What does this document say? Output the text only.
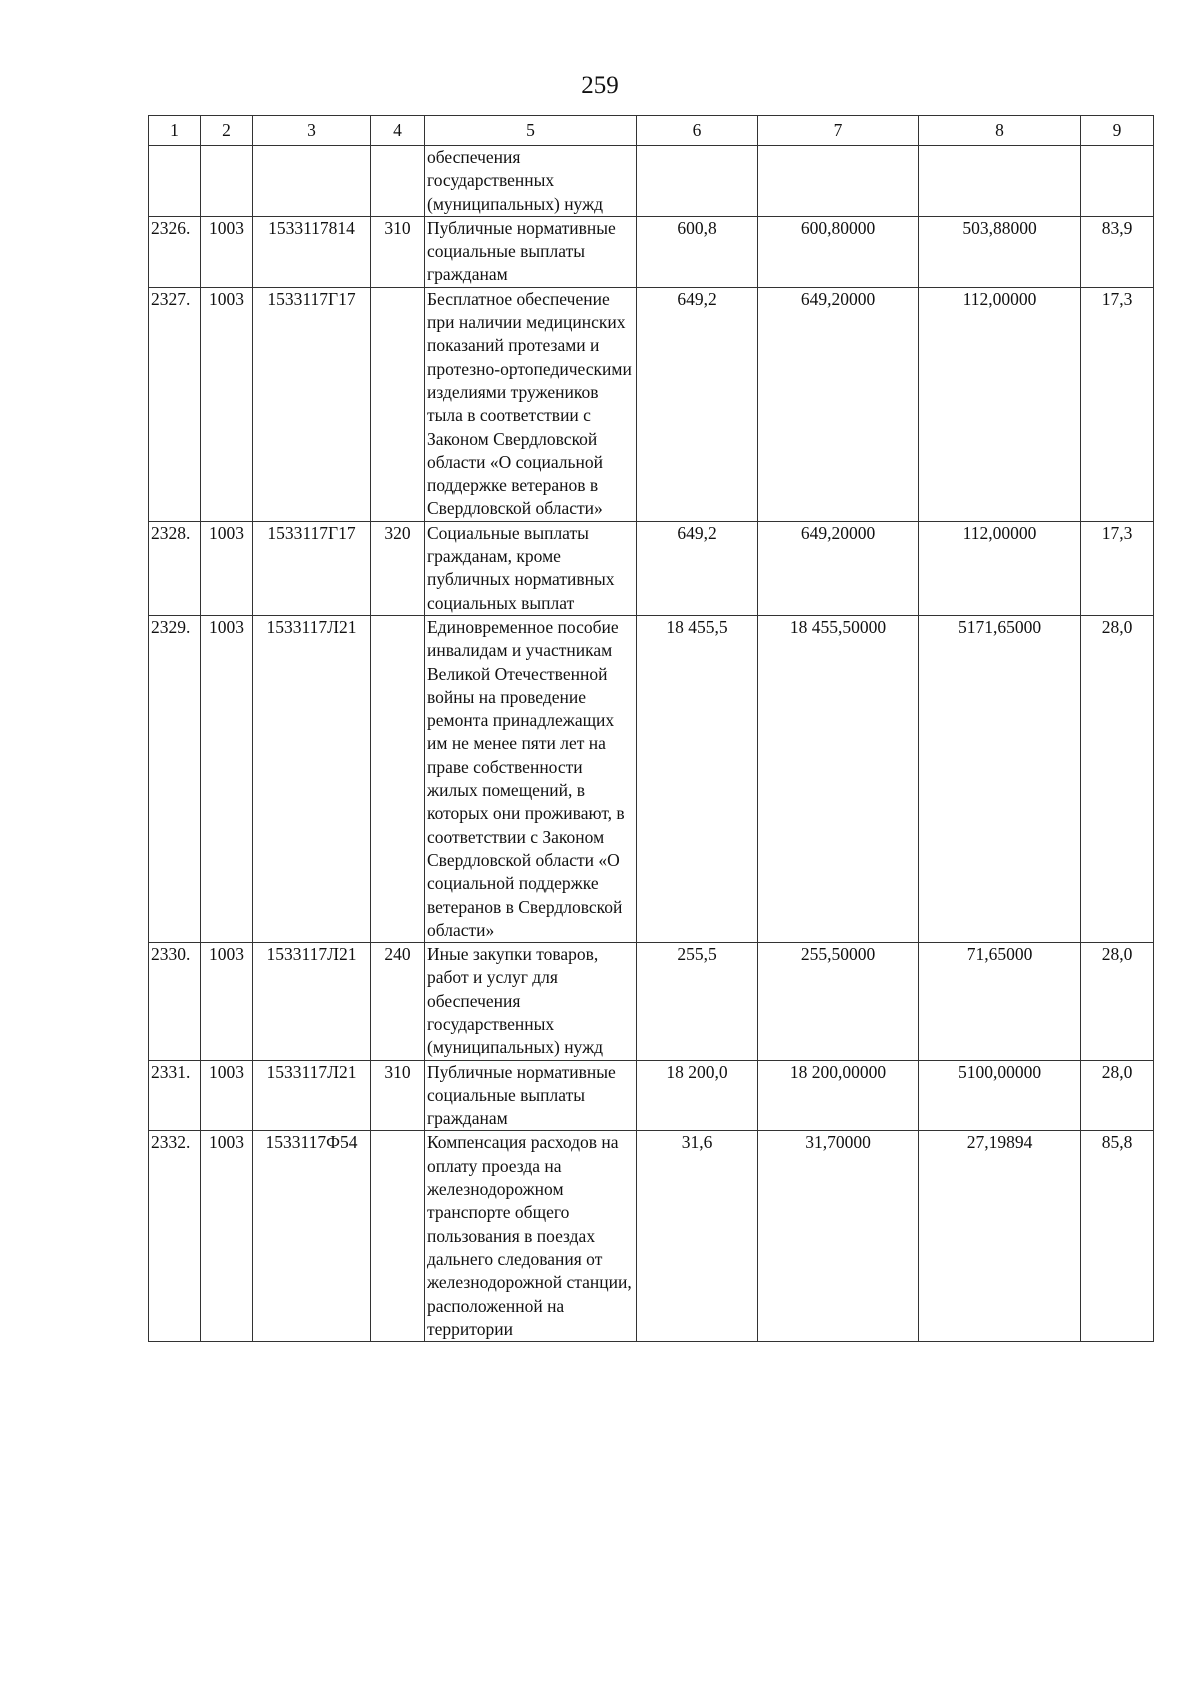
259
1	2	3	4	5	6	7	8	9
				обеспечения государственных (муниципальных) нужд				
2326.	1003	1533117814	310	Публичные нормативные социальные выплаты гражданам	600,8	600,80000	503,88000	83,9
2327.	1003	1533117Г17		Бесплатное обеспечение при наличии медицинских показаний протезами и протезно-ортопедическими изделиями тружеников тыла в соответствии с Законом Свердловской области «О социальной поддержке ветеранов в Свердловской области»	649,2	649,20000	112,00000	17,3
2328.	1003	1533117Г17	320	Социальные выплаты гражданам, кроме публичных нормативных социальных выплат	649,2	649,20000	112,00000	17,3
2329.	1003	1533117Л21		Единовременное пособие инвалидам и участникам Великой Отечественной войны на проведение ремонта принадлежащих им не менее пяти лет на праве собственности жилых помещений, в которых они проживают, в соответствии с Законом Свердловской области «О социальной поддержке ветеранов в Свердловской области»	18 455,5	18 455,50000	5171,65000	28,0
2330.	1003	1533117Л21	240	Иные закупки товаров, работ и услуг для обеспечения государственных (муниципальных) нужд	255,5	255,50000	71,65000	28,0
2331.	1003	1533117Л21	310	Публичные нормативные социальные выплаты гражданам	18 200,0	18 200,00000	5100,00000	28,0
2332.	1003	1533117Ф54		Компенсация расходов на оплату проезда на железнодорожном транспорте общего пользования в поездах дальнего следования от железнодорожной станции, расположенной на территории	31,6	31,70000	27,19894	85,8
